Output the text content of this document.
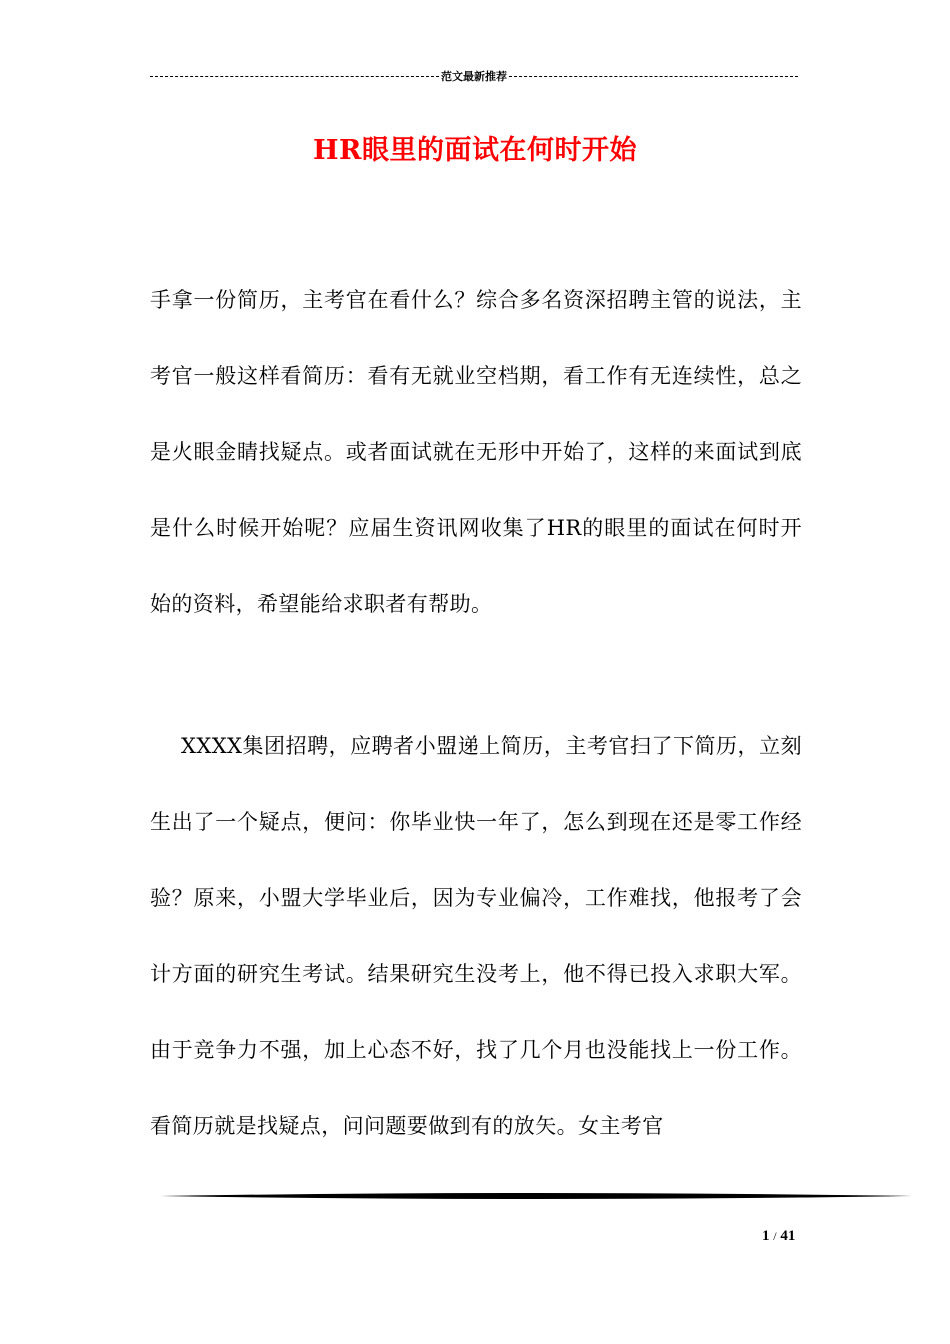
范文最新推荐
HR眼里的面试在何时开始
手拿一份简历，主考官在看什么？综合多名资深招聘主管的说法，主考官一般这样看简历：看有无就业空档期，看工作有无连续性，总之是火眼金睛找疑点。或者面试就在无形中开始了，这样的来面试到底是什么时候开始呢？应届生资讯网收集了HR的眼里的面试在何时开始的资料，希望能给求职者有帮助。
XXXX集团招聘，应聘者小盟递上简历，主考官扫了下简历，立刻生出了一个疑点，便问：你毕业快一年了，怎么到现在还是零工作经验？原来，小盟大学毕业后，因为专业偏冷，工作难找，他报考了会计方面的研究生考试。结果研究生没考上，他不得已投入求职大军。由于竞争力不强，加上心态不好，找了几个月也没能找上一份工作。看简历就是找疑点，问问题要做到有的放矢。女主考官
1 / 41
